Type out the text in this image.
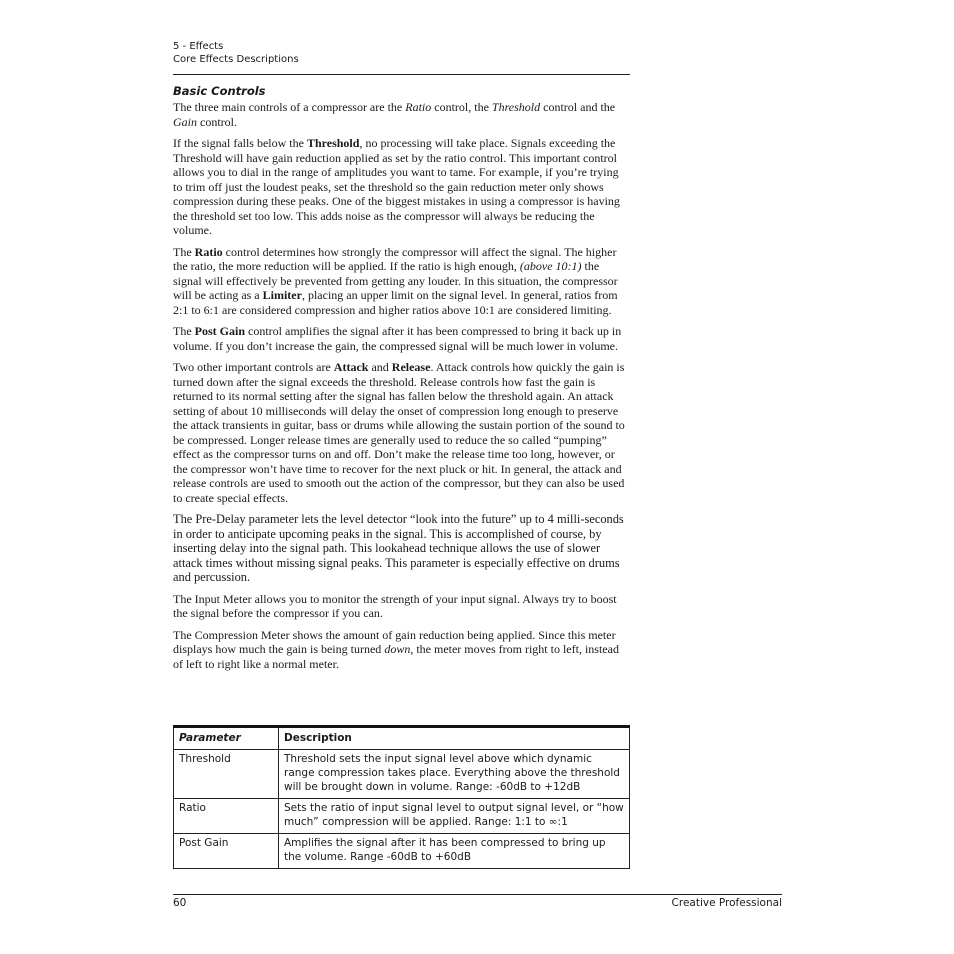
5 - Effects
Core Effects Descriptions
Basic Controls

The three main controls of a compressor are the Ratio control, the Threshold control and the Gain control.

If the signal falls below the Threshold, no processing will take place. Signals exceeding the Threshold will have gain reduction applied as set by the ratio control. This important control allows you to dial in the range of amplitudes you want to tame. For example, if you’re trying to trim off just the loudest peaks, set the threshold so the gain reduction meter only shows compression during these peaks. One of the biggest mistakes in using a compressor is having the threshold set too low. This adds noise as the compressor will always be reducing the volume.

The Ratio control determines how strongly the compressor will affect the signal. The higher the ratio, the more reduction will be applied. If the ratio is high enough, (above 10:1) the signal will effectively be prevented from getting any louder. In this situation, the compressor will be acting as a Limiter, placing an upper limit on the signal level. In general, ratios from 2:1 to 6:1 are considered compression and higher ratios above 10:1 are considered limiting.

The Post Gain control amplifies the signal after it has been compressed to bring it back up in volume. If you don’t increase the gain, the compressed signal will be much lower in volume.

Two other important controls are Attack and Release. Attack controls how quickly the gain is turned down after the signal exceeds the threshold. Release controls how fast the gain is returned to its normal setting after the signal has fallen below the threshold again. An attack setting of about 10 milliseconds will delay the onset of compression long enough to preserve the attack transients in guitar, bass or drums while allowing the sustain portion of the sound to be compressed. Longer release times are generally used to reduce the so called “pumping” effect as the compressor turns on and off. Don’t make the release time too long, however, or the compressor won’t have time to recover for the next pluck or hit. In general, the attack and release controls are used to smooth out the action of the compressor, but they can also be used to create special effects.

The Pre-Delay parameter lets the level detector “look into the future” up to 4 milli-seconds in order to anticipate upcoming peaks in the signal. This is accomplished of course, by inserting delay into the signal path. This lookahead technique allows the use of slower attack times without missing signal peaks. This parameter is especially effective on drums and percussion.

The Input Meter allows you to monitor the strength of your input signal. Always try to boost the signal before the compressor if you can.

The Compression Meter shows the amount of gain reduction being applied. Since this meter displays how much the gain is being turned down, the meter moves from right to left, instead of left to right like a normal meter.

Parameter	Description
Threshold	Threshold sets the input signal level above which dynamic range compression takes place. Everything above the threshold will be brought down in volume. Range: -60dB to +12dB
Ratio	Sets the ratio of input signal level to output signal level, or “how much” compression will be applied. Range: 1:1 to ∞:1
Post Gain	Amplifies the signal after it has been compressed to bring up the volume. Range -60dB to +60dB
60	Creative Professional
